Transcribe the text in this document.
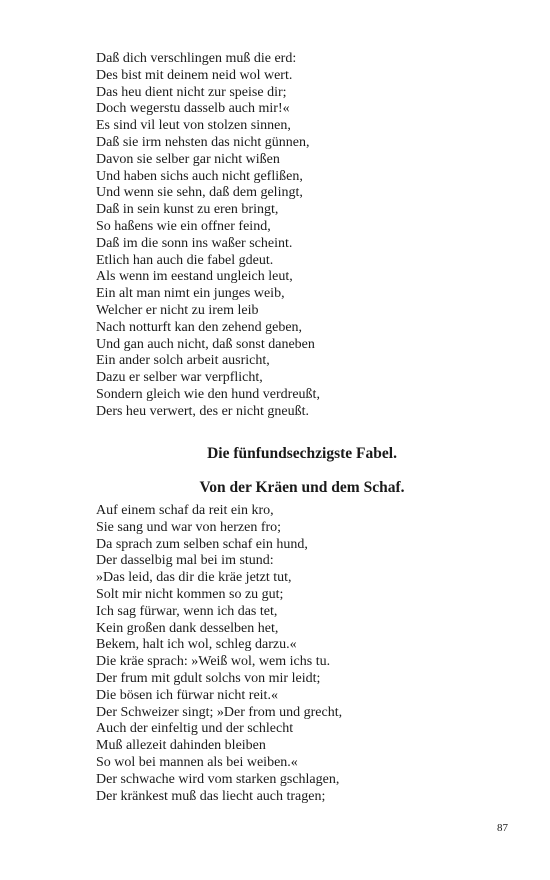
Daß dich verschlingen muß die erd:
Des bist mit deinem neid wol wert.
Das heu dient nicht zur speise dir;
Doch wegerstu dasselb auch mir!«
Es sind vil leut von stolzen sinnen,
Daß sie irm nehsten das nicht günnen,
Davon sie selber gar nicht wißen
Und haben sichs auch nicht geflißen,
Und wenn sie sehn, daß dem gelingt,
Daß in sein kunst zu eren bringt,
So haßens wie ein offner feind,
Daß im die sonn ins waßer scheint.
Etlich han auch die fabel gdeut.
Als wenn im eestand ungleich leut,
Ein alt man nimt ein junges weib,
Welcher er nicht zu irem leib
Nach notturft kan den zehend geben,
Und gan auch nicht, daß sonst daneben
Ein ander solch arbeit ausricht,
Dazu er selber war verpflicht,
Sondern gleich wie den hund verdreußt,
Ders heu verwert, des er nicht gneußt.
Die fünfundsechzigste Fabel.
Von der Kräen und dem Schaf.
Auf einem schaf da reit ein kro,
Sie sang und war von herzen fro;
Da sprach zum selben schaf ein hund,
Der dasselbig mal bei im stund:
»Das leid, das dir die kräe jetzt tut,
Solt mir nicht kommen so zu gut;
Ich sag fürwar, wenn ich das tet,
Kein großen dank desselben het,
Bekem, halt ich wol, schleg darzu.«
Die kräe sprach: »Weiß wol, wem ichs tu.
Der frum mit gdult solchs von mir leidt;
Die bösen ich fürwar nicht reit.«
Der Schweizer singt; »Der from und grecht,
Auch der einfeltig und der schlecht
Muß allezeit dahinden bleiben
So wol bei mannen als bei weiben.«
Der schwache wird vom starken gschlagen,
Der kränkest muß das liecht auch tragen;
87
